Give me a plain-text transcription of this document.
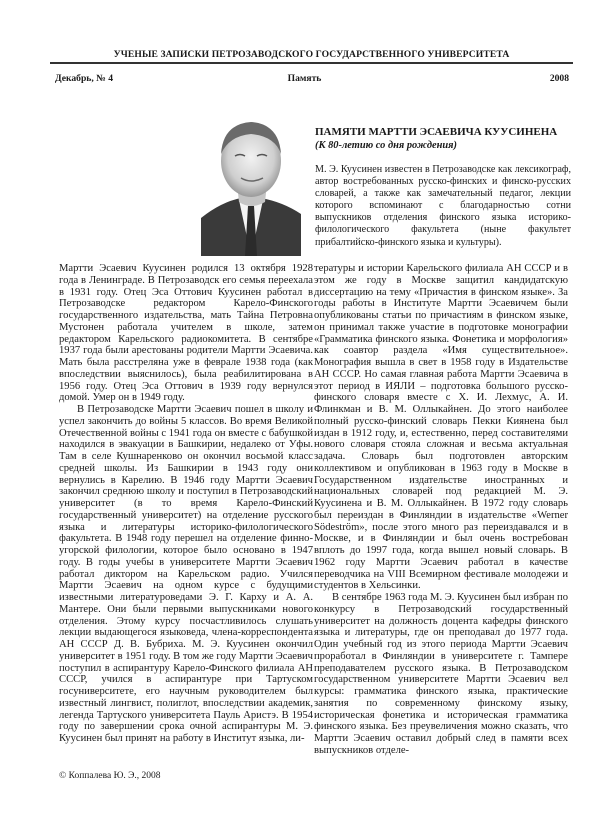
УЧЕНЫЕ ЗАПИСКИ ПЕТРОЗАВОДСКОГО ГОСУДАРСТВЕННОГО УНИВЕРСИТЕТА
Декабрь, № 4	Память	2008
ПАМЯТИ МАРТТИ ЭСАЕВИЧА КУУСИНЕНА
(К 80-летию со дня рождения)
М. Э. Куусинен известен в Петрозаводске как лексикограф, автор востребованных русско-финских и финско-русских словарей, а также как замечательный педагог, лекции которого вспоминают с благодарностью сотни выпускников отделения финского языка историко-филологического факультета (ныне факультет прибалтийско-финского языка и культуры).

Мартти Эсаевич Куусинен родился 13 октября 1928 года в Ленинграде. В Петрозаводск его семья переехала в 1931 году. Отец Эса Оттович Куусинен работал в Петрозаводске редактором Карело-Финского государственного издательства, мать Тайна Петровна Мустонен работала учителем в школе, затем редактором Карельского радиокомитета. В сентябре 1937 года были арестованы родители Мартти Эсаевича. Мать была расстреляна уже в феврале 1938 года (как впоследствии выяснилось), была реабилитирована в 1956 году. Отец Эса Оттович в 1939 году вернулся домой. Умер он в 1949 году.

В Петрозаводске Мартти Эсаевич пошел в школу и успел закончить до войны 5 классов. Во время Великой Отечественной войны с 1941 года он вместе с бабушкой находился в эвакуации в Башкирии, недалеко от Уфы. Там в селе Кушнаренково он окончил восьмой класс средней школы. Из Башкирии в 1943 году они вернулись в Карелию. В 1946 году Мартти Эсаевич закончил среднюю школу и поступил в Петрозаводский университет (в то время Карело-Финский государственный университет) на отделение русского языка и литературы историко-филологического факультета. В 1948 году перешел на отделение финно-угорской филологии, которое было основано в 1947 году. В годы учебы в университете Мартти Эсаевич работал диктором на Карельском радио. Учился Мартти Эсаевич на одном курсе с будущими известными литературоведами Э. Г. Карху и А. А. Мантере. Они были первыми выпускниками нового отделения. Этому курсу посчастливилось слушать лекции выдающегося языковеда, члена-корреспондента АН СССР Д. В. Бубриха. М. Э. Куусинен окончил университет в 1951 году. В том же году Мартти Эсаевич поступил в аспирантуру Карело-Финского филиала АН СССР, учился в аспирантуре при Тартуском госуниверситете, его научным руководителем был известный лингвист, полиглот, впоследствии академик, легенда Тартуского университета Пауль Аристэ. В 1954 году по завершении срока очной аспирантуры М. Э. Куусинен был принят на работу в Институт языка, ли-

тературы и истории Карельского филиала АН СССР и в этом же году в Москве защитил кандидатскую диссертацию на тему «Причастия в финском языке». За годы работы в Институте Мартти Эсаевичем были опубликованы статьи по причастиям в финском языке, он принимал также участие в подготовке монографии «Грамматика финского языка. Фонетика и морфология» как соавтор раздела «Имя существительное». Монография вышла в свет в 1958 году в Издательстве АН СССР. Но самая главная работа Мартти Эсаевича в этот период в ИЯЛИ – подготовка большого русско-финского словаря вместе с Х. И. Лехмус, А. И. Флинкман и В. М. Оллыкайнен. До этого наиболее полный русско-финский словарь Пекки Киянена был издан в 1912 году, и, естественно, перед составителями нового словаря стояла сложная и весьма актуальная задача. Словарь был подготовлен авторским коллективом и опубликован в 1963 году в Москве в Государственном издательстве иностранных и национальных словарей под редакцией М. Э. Куусинена и В. М. Оллыкайнен. В 1972 году словарь был переиздан в Финляндии в издательстве «Werner Södeström», после этого много раз переиздавался и в Москве, и в Финляндии и был очень востребован вплоть до 1997 года, когда вышел новый словарь. В 1962 году Мартти Эсаевич работал в качестве переводчика на VIII Всемирном фестивале молодежи и студентов в Хельсинки.

В сентябре 1963 года М. Э. Куусинен был избран по конкурсу в Петрозаводский государственный университет на должность доцента кафедры финского языка и литературы, где он преподавал до 1977 года. Один учебный год из этого периода Мартти Эсаевич проработал в Финляндии в университете г. Тампере преподавателем русского языка. В Петрозаводском государственном университете Мартти Эсаевич вел курсы: грамматика финского языка, практические занятия по современному финскому языку, историческая фонетика и историческая грамматика финского языка. Без преувеличения можно сказать, что Мартти Эсаевич оставил добрый след в памяти всех выпускников отделе-

© Коппалева Ю. Э., 2008
